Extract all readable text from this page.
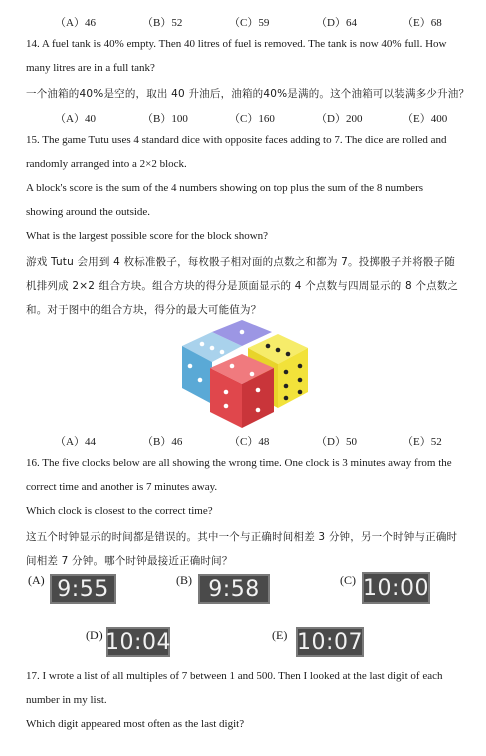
（A）46	（B）52	（C）59	（D）64	（E）68
14. A fuel tank is 40% empty. Then 40 litres of fuel is removed. The tank is now 40% full. How
many litres are in a full tank?
一个油箱的40%是空的，取出 40 升油后，油箱的40%是满的。这个油箱可以装满多少升油？
（A）40	（B）100	（C）160	（D）200	（E）400
15. The game Tutu uses 4 standard dice with opposite faces adding to 7. The dice are rolled and
randomly arranged into a 2×2 block.
A block's score is the sum of the 4 numbers showing on top plus the sum of the 8 numbers
showing around the outside.
What is the largest possible score for the block shown?
游戏 Tutu 会用到 4 枚标准骰子，每枚骰子相对面的点数之和都为 7。投掷骰子并将骰子随
机排列成 2×2 组合方块。组合方块的得分是顶面显示的 4 个点数与四周显示的 8 个点数之
和。对于图中的组合方块，得分的最大可能值为？
（A）44	（B）46	（C）48	（D）50	（E）52
16. The five clocks below are all showing the wrong time. One clock is 3 minutes away from the
correct time and another is 7 minutes away.
Which clock is closest to the correct time?
这五个时钟显示的时间都是错误的。其中一个与正确时间相差 3 分钟，另一个时钟与正确时
间相差 7 分钟。哪个时钟最接近正确时间？
(A) 9:55	(B) 9:58	(C) 10:00
(D) 10:04	(E) 10:07
17. I wrote a list of all multiples of 7 between 1 and 500. Then I looked at the last digit of each
number in my list.
Which digit appeared most often as the last digit?
